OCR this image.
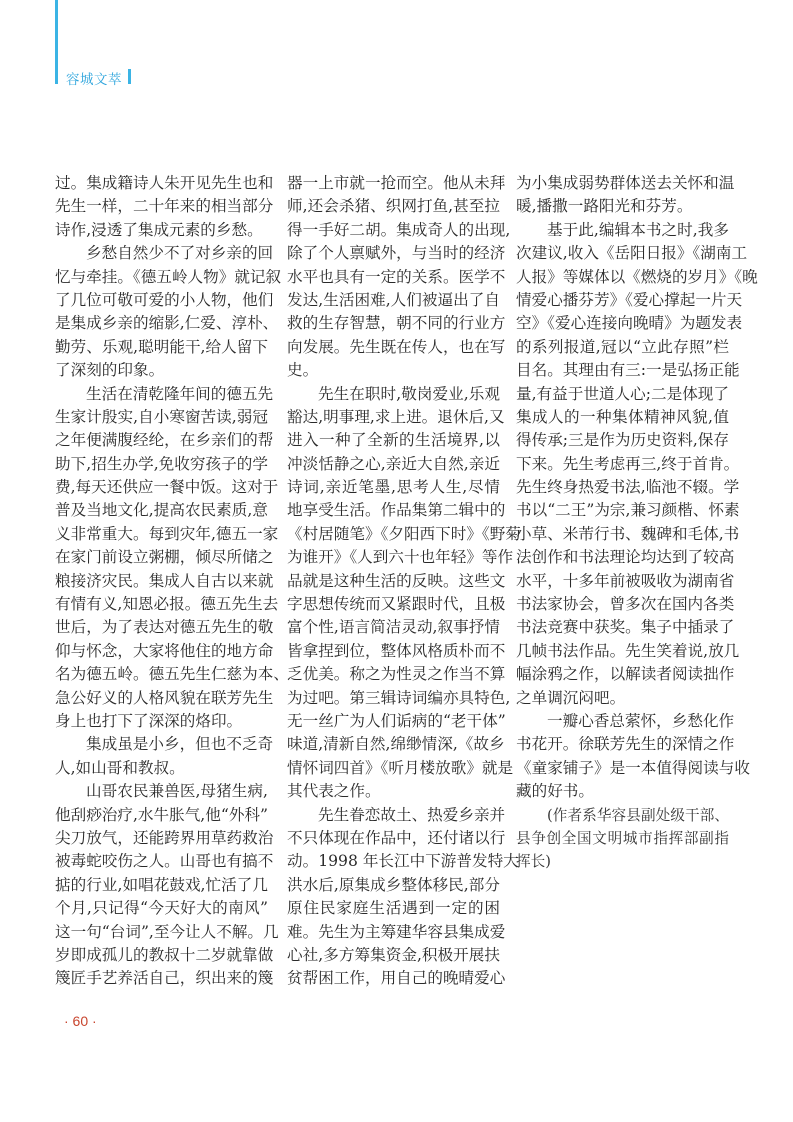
容城文萃
过。集成籍诗人朱开见先生也和
先生一样，二十年来的相当部分
诗作,浸透了集成元素的乡愁。
乡愁自然少不了对乡亲的回
忆与牵挂。《德五岭人物》就记叙
了几位可敬可爱的小人物，他们
是集成乡亲的缩影,仁爱、淳朴、
勤劳、乐观,聪明能干,给人留下
了深刻的印象。
生活在清乾隆年间的德五先
生家计殷实,自小寒窗苦读,弱冠
之年便满腹经纶，在乡亲们的帮
助下,招生办学,免收穷孩子的学
费,每天还供应一餐中饭。这对于
普及当地文化,提高农民素质,意
义非常重大。每到灾年,德五一家
在家门前设立粥棚，倾尽所储之
粮接济灾民。集成人自古以来就
有情有义,知恩必报。德五先生去
世后，为了表达对德五先生的敬
仰与怀念，大家将他住的地方命
名为德五岭。德五先生仁慈为本、
急公好义的人格风貌在联芳先生
身上也打下了深深的烙印。
集成虽是小乡，但也不乏奇
人,如山哥和教叔。
山哥农民兼兽医,母猪生病,
他刮痧治疗,水牛胀气,他“外科”
尖刀放气，还能跨界用草药救治
被毒蛇咬伤之人。山哥也有搞不
掂的行业,如唱花鼓戏,忙活了几
个月,只记得“今天好大的南风”
这一句“台词”,至今让人不解。几
岁即成孤儿的教叔十二岁就靠做
篾匠手艺养活自己，织出来的篾
器一上市就一抢而空。他从未拜
师,还会杀猪、织网打鱼,甚至拉
得一手好二胡。集成奇人的出现,
除了个人禀赋外，与当时的经济
水平也具有一定的关系。医学不
发达,生活困难,人们被逼出了自
救的生存智慧，朝不同的行业方
向发展。先生既在传人，也在写
史。
先生在职时,敬岗爱业,乐观
豁达,明事理,求上进。退休后,又
进入一种了全新的生活境界,以
冲淡恬静之心,亲近大自然,亲近
诗词,亲近笔墨,思考人生,尽情
地享受生活。作品集第二辑中的
《村居随笔》《夕阳西下时》《野菊
为谁开》《人到六十也年轻》等作
品就是这种生活的反映。这些文
字思想传统而又紧跟时代，且极
富个性,语言简洁灵动,叙事抒情
皆拿捏到位，整体风格质朴而不
乏优美。称之为性灵之作当不算
为过吧。第三辑诗词编亦具特色,
无一丝广为人们诟病的“老干体”
味道,清新自然,绵缈情深,《故乡
情怀词四首》《听月楼放歌》就是
其代表之作。
先生眷恋故土、热爱乡亲并
不只体现在作品中，还付诸以行
动。1998 年长江中下游普发特大
洪水后,原集成乡整体移民,部分
原住民家庭生活遇到一定的困
难。先生为主筹建华容县集成爱
心社,多方筹集资金,积极开展扶
贫帮困工作，用自己的晚晴爱心
为小集成弱势群体送去关怀和温
暖,播撒一路阳光和芬芳。
基于此,编辑本书之时,我多
次建议,收入《岳阳日报》《湖南工
人报》等媒体以《燃烧的岁月》《晚
情爱心播芬芳》《爱心撑起一片天
空》《爱心连接向晚晴》为题发表
的系列报道,冠以“立此存照”栏
目名。其理由有三:一是弘扬正能
量,有益于世道人心;二是体现了
集成人的一种集体精神风貌,值
得传承;三是作为历史资料,保存
下来。先生考虑再三,终于首肯。
先生终身热爱书法,临池不辍。学
书以“二王”为宗,兼习颜楷、怀素
小草、米芾行书、魏碑和毛体,书
法创作和书法理论均达到了较高
水平，十多年前被吸收为湖南省
书法家协会，曾多次在国内各类
书法竞赛中获奖。集子中插录了
几帧书法作品。先生笑着说,放几
幅涂鸦之作，以解读者阅读拙作
之单调沉闷吧。
一瓣心香总萦怀，乡愁化作
书花开。徐联芳先生的深情之作
《童家铺子》是一本值得阅读与收
藏的好书。
(作者系华容县副处级干部、
县争创全国文明城市指挥部副指
挥长)
· 60 ·
